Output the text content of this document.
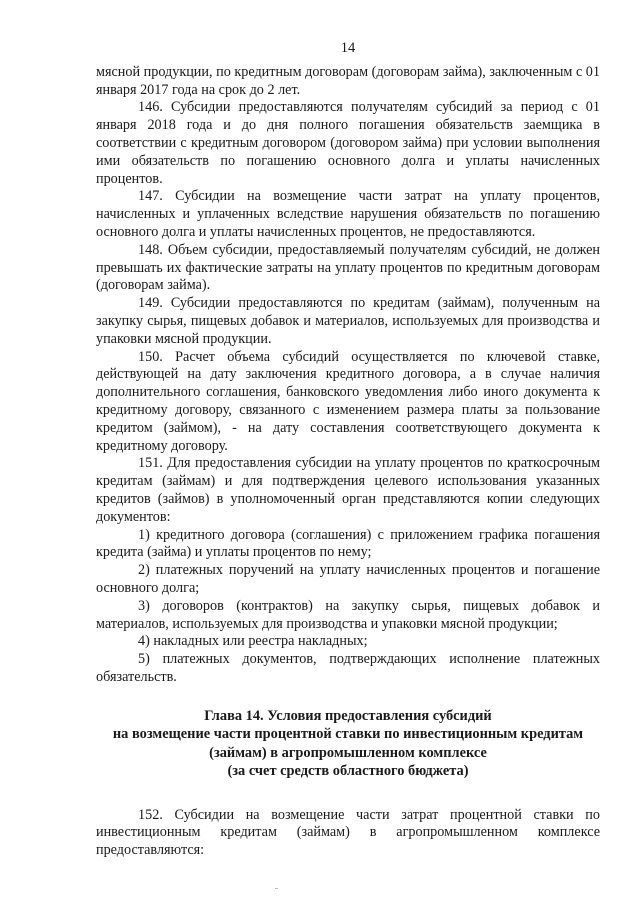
14

мясной продукции, по кредитным договорам (договорам займа), заключенным с 01 января 2017 года на срок до 2 лет.

146. Субсидии предоставляются получателям субсидий за период с 01 января 2018 года и до дня полного погашения обязательств заемщика в соответствии с кредитным договором (договором займа) при условии выполнения ими обязательств по погашению основного долга и уплаты начисленных процентов.

147. Субсидии на возмещение части затрат на уплату процентов, начисленных и уплаченных вследствие нарушения обязательств по погашению основного долга и уплаты начисленных процентов, не предоставляются.

148. Объем субсидии, предоставляемый получателям субсидий, не должен превышать их фактические затраты на уплату процентов по кредитным договорам (договорам займа).

149. Субсидии предоставляются по кредитам (займам), полученным на закупку сырья, пищевых добавок и материалов, используемых для производства и упаковки мясной продукции.

150. Расчет объема субсидий осуществляется по ключевой ставке, действующей на дату заключения кредитного договора, а в случае наличия дополнительного соглашения, банковского уведомления либо иного документа к кредитному договору, связанного с изменением размера платы за пользование кредитом (займом), - на дату составления соответствующего документа к кредитному договору.

151. Для предоставления субсидии на уплату процентов по краткосрочным кредитам (займам) и для подтверждения целевого использования указанных кредитов (займов) в уполномоченный орган представляются копии следующих документов:

1) кредитного договора (соглашения) с приложением графика погашения кредита (займа) и уплаты процентов по нему;

2) платежных поручений на уплату начисленных процентов и погашение основного долга;

3) договоров (контрактов) на закупку сырья, пищевых добавок и материалов, используемых для производства и упаковки мясной продукции;

4) накладных или реестра накладных;

5) платежных документов, подтверждающих исполнение платежных обязательств.

Глава 14. Условия предоставления субсидий
на возмещение части процентной ставки по инвестиционным кредитам
(займам) в агропромышленном комплексе
(за счет средств областного бюджета)

152. Субсидии на возмещение части затрат процентной ставки по инвестиционным кредитам (займам) в агропромышленном комплексе предоставляются:
